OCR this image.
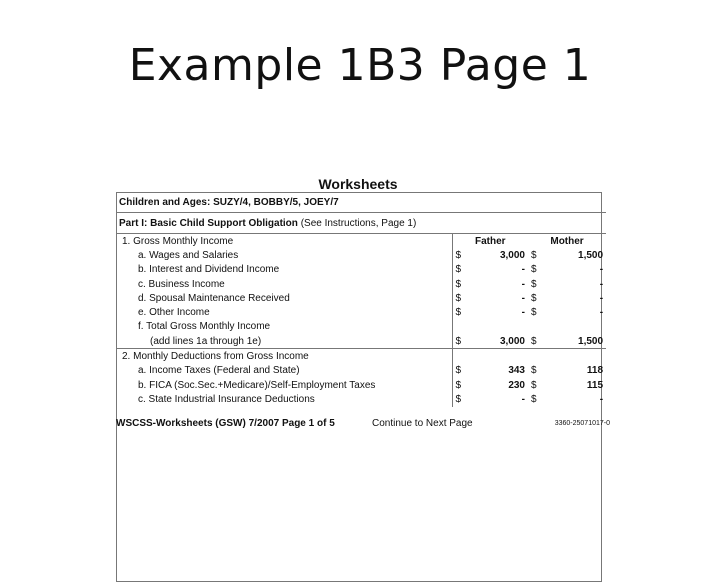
Example 1B3 Page 1
Worksheets
Children and Ages: SUZY/4, BOBBY/5, JOEY/7				
Part I: Basic Child Support Obligation (See Instructions, Page 1)				
1. Gross Monthly Income	Father		Mother	
a. Wages and Salaries	$	3,000	$	1,500
b. Interest and Dividend Income	$	-	$	-
c. Business Income	$	-	$	-
d. Spousal Maintenance Received	$	-	$	-
e. Other Income	$	-	$	-
f. Total Gross Monthly Income				
(add lines 1a through 1e)	$	3,000	$	1,500
2. Monthly Deductions from Gross Income				
a. Income Taxes (Federal and State)	$	343	$	118
b. FICA (Soc.Sec.+Medicare)/Self-Employment Taxes	$	230	$	115
c. State Industrial Insurance Deductions	$	-	$	-
WSCSS-Worksheets (GSW) 7/2007 Page 1 of 5	Continue to Next Page	3360-25071017-0
